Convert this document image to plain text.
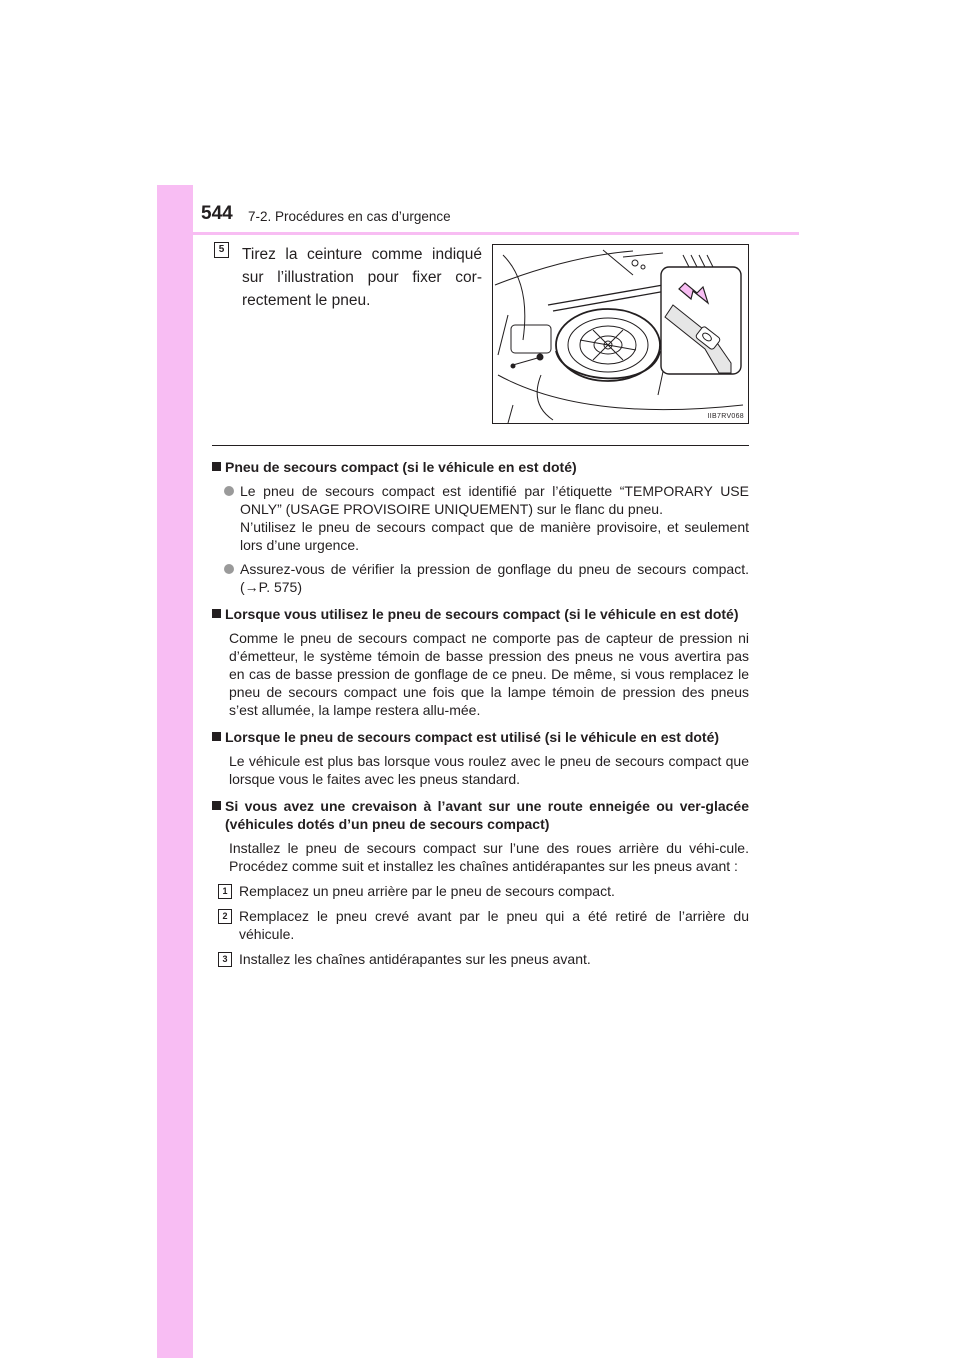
544 7-2. Procédures en cas d’urgence
5	Tirez la ceinture comme indiqué sur l’illustration pour fixer cor-rectement le pneu.
IIB7RV068
Pneu de secours compact (si le véhicule en est doté)
Le pneu de secours compact est identifié par l’étiquette “TEMPORARY USE ONLY” (USAGE PROVISOIRE UNIQUEMENT) sur le flanc du pneu.
N’utilisez le pneu de secours compact que de manière provisoire, et seulement lors d’une urgence.
Assurez-vous de vérifier la pression de gonflage du pneu de secours compact. (→P. 575)
Lorsque vous utilisez le pneu de secours compact (si le véhicule en est doté)
Comme le pneu de secours compact ne comporte pas de capteur de pression ni d’émetteur, le système témoin de basse pression des pneus ne vous avertira pas en cas de basse pression de gonflage de ce pneu. De même, si vous remplacez le pneu de secours compact une fois que la lampe témoin de pression des pneus s’est allumée, la lampe restera allu-mée.
Lorsque le pneu de secours compact est utilisé (si le véhicule en est doté)
Le véhicule est plus bas lorsque vous roulez avec le pneu de secours compact que lorsque vous le faites avec les pneus standard.
Si vous avez une crevaison à l’avant sur une route enneigée ou ver-glacée (véhicules dotés d’un pneu de secours compact)
Installez le pneu de secours compact sur l’une des roues arrière du véhi-cule. Procédez comme suit et installez les chaînes antidérapantes sur les pneus avant :
1 Remplacez un pneu arrière par le pneu de secours compact.
2 Remplacez le pneu crevé avant par le pneu qui a été retiré de l’arrière du véhicule.
3 Installez les chaînes antidérapantes sur les pneus avant.
